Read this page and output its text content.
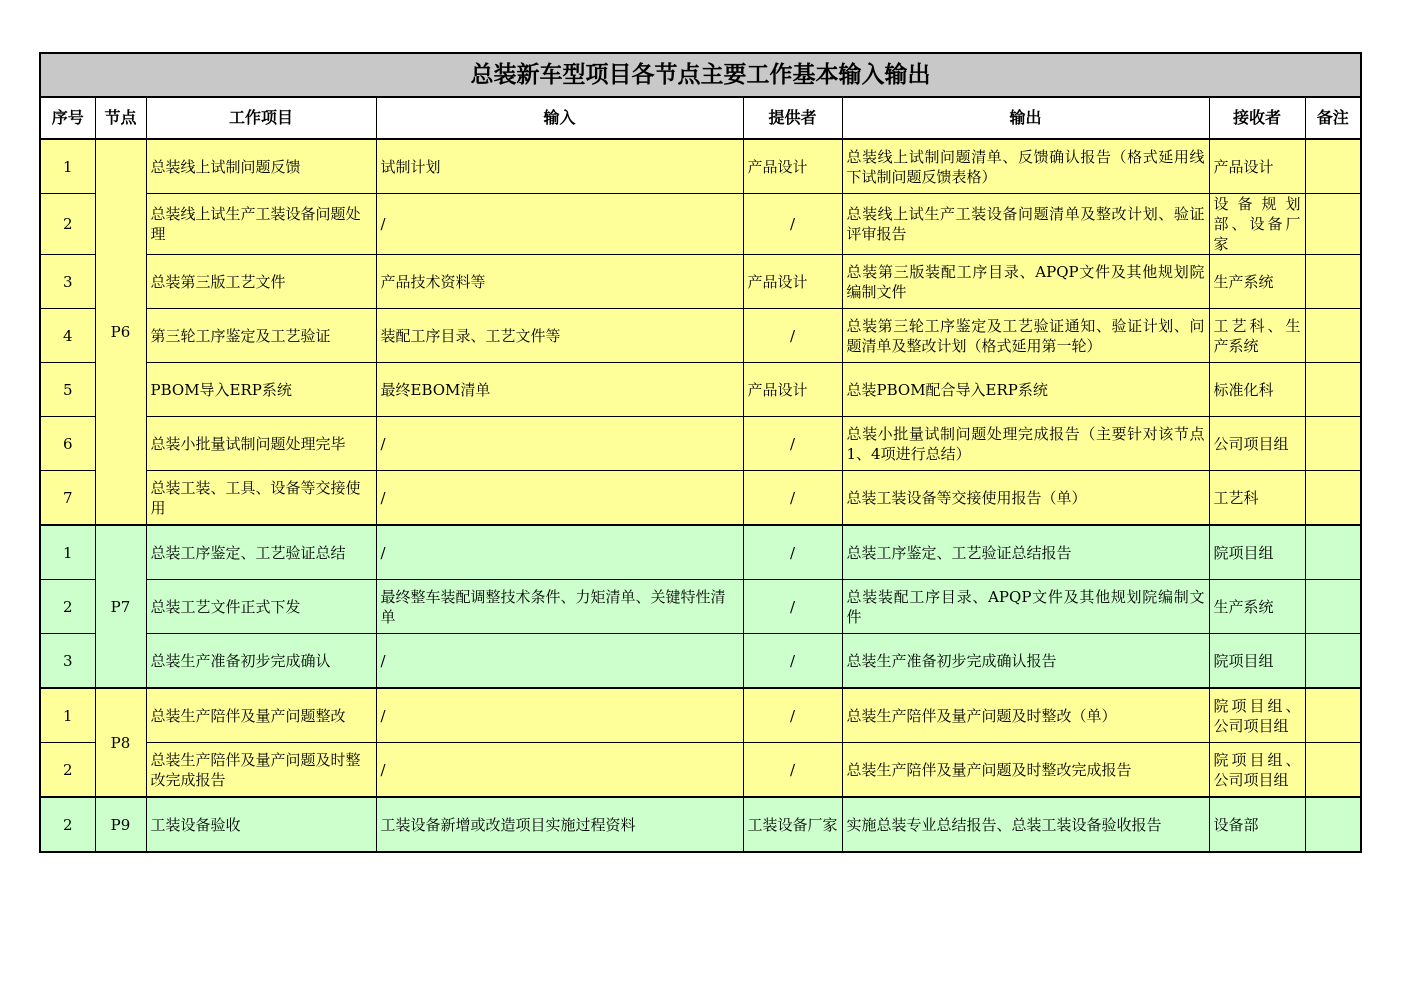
总装新车型项目各节点主要工作基本输入输出							
序号	节点	工作项目	输入	提供者	输出	接收者	备注
1	P6	总装线上试制问题反馈	试制计划	产品设计	总装线上试制问题清单、反馈确认报告（格式延用线下试制问题反馈表格）	产品设计	
2		总装线上试生产工装设备问题处理	/	/	总装线上试生产工装设备问题清单及整改计划、验证评审报告	设备规划部、设备厂家	
3		总装第三版工艺文件	产品技术资料等	产品设计	总装第三版装配工序目录、APQP文件及其他规划院编制文件	生产系统	
4		第三轮工序鉴定及工艺验证	装配工序目录、工艺文件等	/	总装第三轮工序鉴定及工艺验证通知、验证计划、问题清单及整改计划（格式延用第一轮）	工艺科、生产系统	
5		PBOM导入ERP系统	最终EBOM清单	产品设计	总装PBOM配合导入ERP系统	标准化科	
6		总装小批量试制问题处理完毕	/	/	总装小批量试制问题处理完成报告（主要针对该节点1、4项进行总结）	公司项目组	
7		总装工装、工具、设备等交接使用	/	/	总装工装设备等交接使用报告（单）	工艺科	
1	P7	总装工序鉴定、工艺验证总结	/	/	总装工序鉴定、工艺验证总结报告	院项目组	
2		总装工艺文件正式下发	最终整车装配调整技术条件、力矩清单、关键特性清单	/	总装装配工序目录、APQP文件及其他规划院编制文件	生产系统	
3		总装生产准备初步完成确认	/	/	总装生产准备初步完成确认报告	院项目组	
1	P8	总装生产陪伴及量产问题整改	/	/	总装生产陪伴及量产问题及时整改（单）	院项目组、公司项目组	
2		总装生产陪伴及量产问题及时整改完成报告	/	/	总装生产陪伴及量产问题及时整改完成报告	院项目组、公司项目组	
2	P9	工装设备验收	工装设备新增或改造项目实施过程资料	工装设备厂家	实施总装专业总结报告、总装工装设备验收报告	设备部	
